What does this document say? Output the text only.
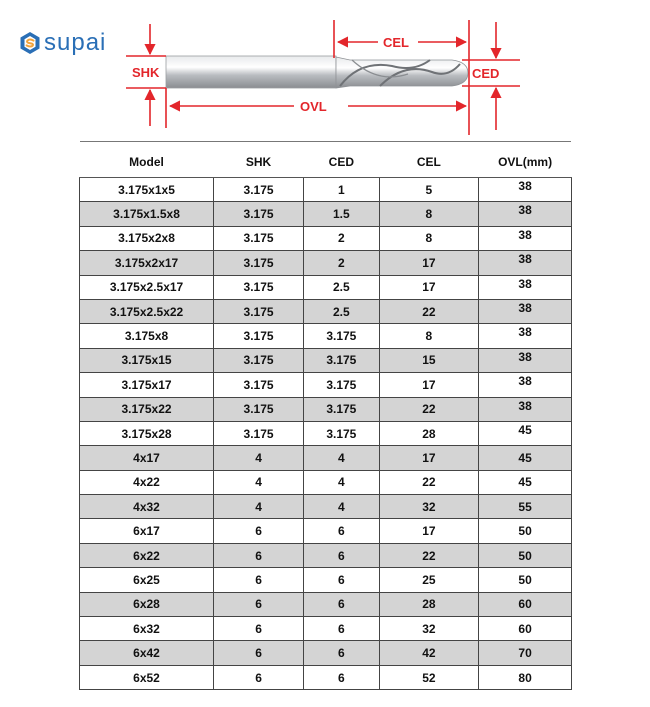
supai
SHK
OVL
CEL
CED
Model	SHK	CED	CEL	OVL(mm)
3.175x1x5	3.175	1	5	38
3.175x1.5x8	3.175	1.5	8	38
3.175x2x8	3.175	2	8	38
3.175x2x17	3.175	2	17	38
3.175x2.5x17	3.175	2.5	17	38
3.175x2.5x22	3.175	2.5	22	38
3.175x8	3.175	3.175	8	38
3.175x15	3.175	3.175	15	38
3.175x17	3.175	3.175	17	38
3.175x22	3.175	3.175	22	38
3.175x28	3.175	3.175	28	45
4x17	4	4	17	45
4x22	4	4	22	45
4x32	4	4	32	55
6x17	6	6	17	50
6x22	6	6	22	50
6x25	6	6	25	50
6x28	6	6	28	60
6x32	6	6	32	60
6x42	6	6	42	70
6x52	6	6	52	80
